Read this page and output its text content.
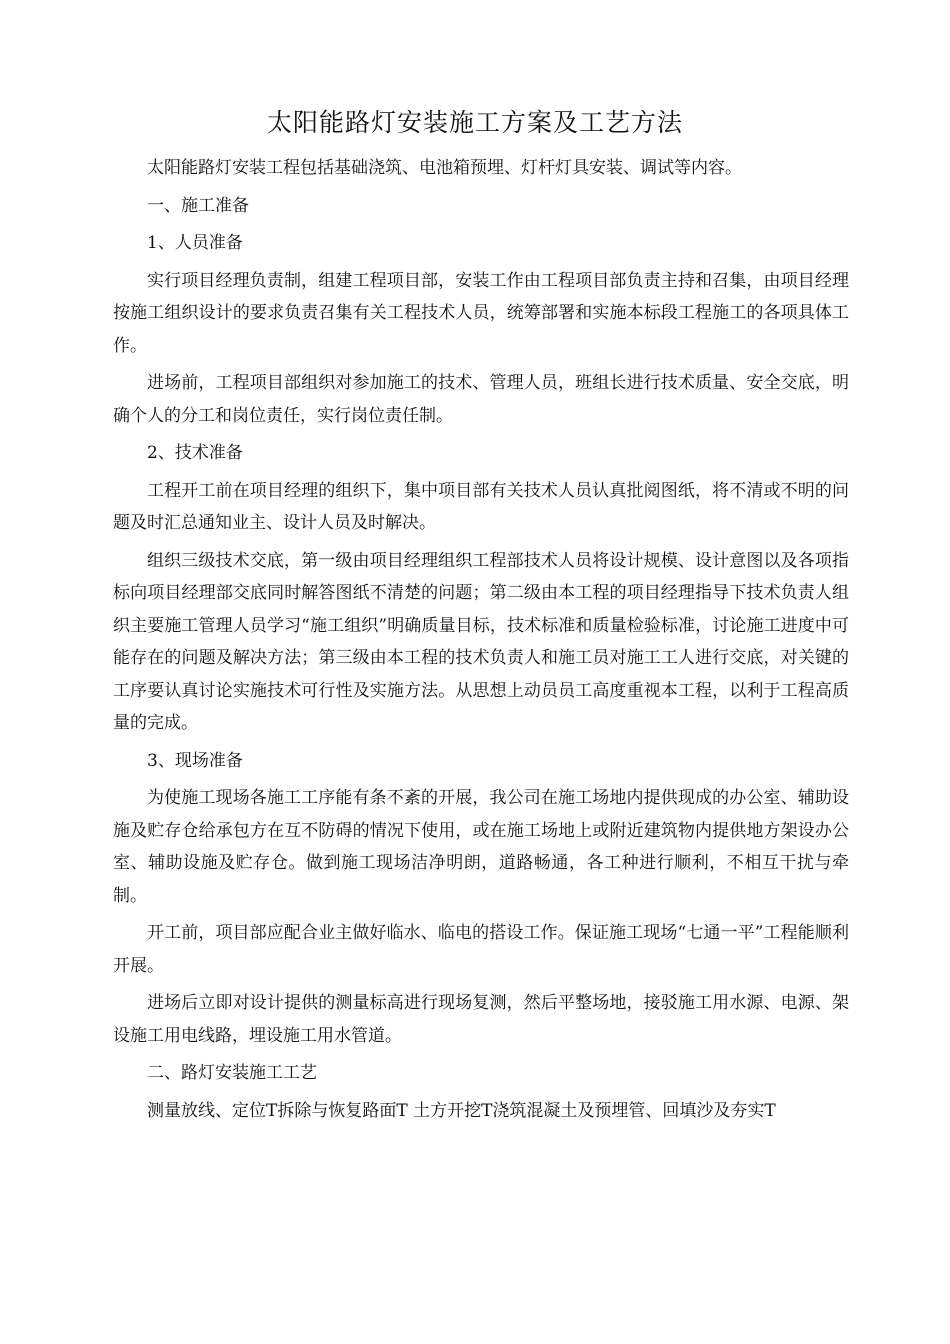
太阳能路灯安装施工方案及工艺方法

太阳能路灯安装工程包括基础浇筑、电池箱预埋、灯杆灯具安装、调试等内容。

一、施工准备

1、人员准备

实行项目经理负责制，组建工程项目部，安装工作由工程项目部负责主持和召集，由项目经理按施工组织设计的要求负责召集有关工程技术人员，统筹部署和实施本标段工程施工的各项具体工作。

进场前，工程项目部组织对参加施工的技术、管理人员，班组长进行技术质量、安全交底，明确个人的分工和岗位责任，实行岗位责任制。

2、技术准备

工程开工前在项目经理的组织下，集中项目部有关技术人员认真批阅图纸，将不清或不明的问题及时汇总通知业主、设计人员及时解决。

组织三级技术交底，第一级由项目经理组织工程部技术人员将设计规模、设计意图以及各项指标向项目经理部交底同时解答图纸不清楚的问题；第二级由本工程的项目经理指导下技术负责人组织主要施工管理人员学习“施工组织”明确质量目标，技术标准和质量检验标准，讨论施工进度中可能存在的问题及解决方法；第三级由本工程的技术负责人和施工员对施工工人进行交底，对关键的工序要认真讨论实施技术可行性及实施方法。从思想上动员员工高度重视本工程，以利于工程高质量的完成。

3、现场准备

为使施工现场各施工工序能有条不紊的开展，我公司在施工场地内提供现成的办公室、辅助设施及贮存仓给承包方在互不防碍的情况下使用，或在施工场地上或附近建筑物内提供地方架设办公室、辅助设施及贮存仓。做到施工现场洁净明朗，道路畅通，各工种进行顺利，不相互干扰与牵制。

开工前，项目部应配合业主做好临水、临电的搭设工作。保证施工现场“七通一平”工程能顺利开展。

进场后立即对设计提供的测量标高进行现场复测，然后平整场地，接驳施工用水源、电源、架设施工用电线路，埋设施工用水管道。

二、路灯安装施工工艺

测量放线、定位T拆除与恢复路面T 土方开挖T浇筑混凝土及预埋管、回填沙及夯实T
